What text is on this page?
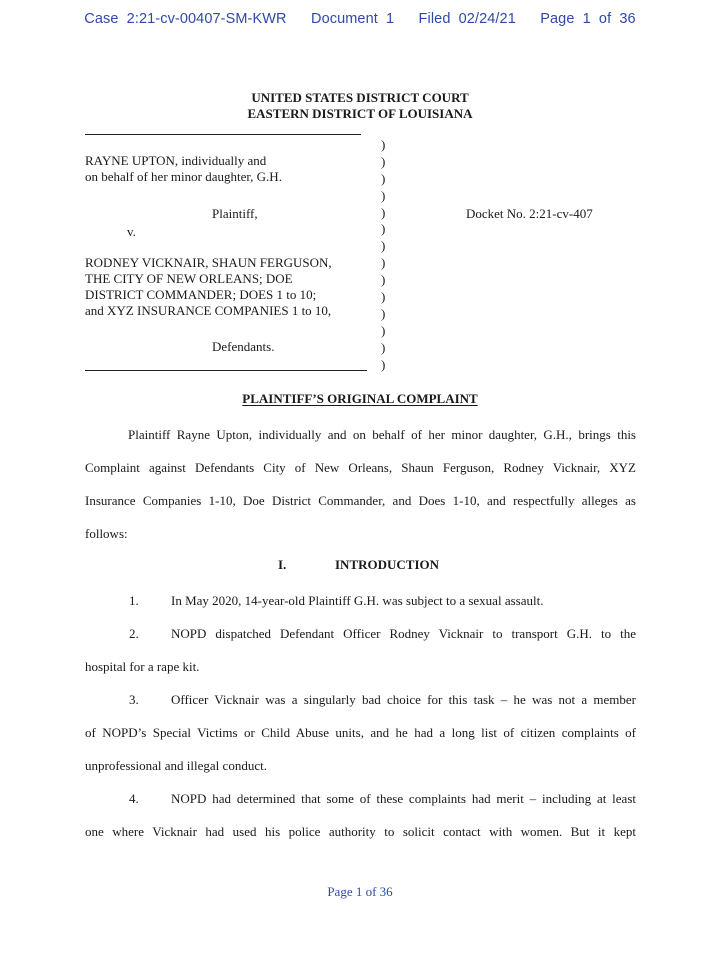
Case 2:21-cv-00407-SM-KWR   Document 1   Filed 02/24/21   Page 1 of 36
UNITED STATES DISTRICT COURT
EASTERN DISTRICT OF LOUISIANA
RAYNE UPTON, individually and
on behalf of her minor daughter, G.H.
Plaintiff,
v.
RODNEY VICKNAIR, SHAUN FERGUSON,
THE CITY OF NEW ORLEANS; DOE
DISTRICT COMMANDER; DOES 1 to 10;
and XYZ INSURANCE COMPANIES 1 to 10,
Defendants.
)
)
)
)
)
)
)
)
)
)
)
)
)
)
Docket No. 2:21-cv-407
PLAINTIFF’S ORIGINAL COMPLAINT
Plaintiff Rayne Upton, individually and on behalf of her minor daughter, G.H., brings this
Complaint against Defendants City of New Orleans, Shaun Ferguson, Rodney Vicknair, XYZ
Insurance Companies 1-10, Doe District Commander, and Does 1-10, and respectfully alleges as
follows:
I.	INTRODUCTION
1. In May 2020, 14-year-old Plaintiff G.H. was subject to a sexual assault.
2. NOPD dispatched Defendant Officer Rodney Vicknair to transport G.H. to the
hospital for a rape kit.
3. Officer Vicknair was a singularly bad choice for this task – he was not a member
of NOPD’s Special Victims or Child Abuse units, and he had a long list of citizen complaints of
unprofessional and illegal conduct.
4. NOPD had determined that some of these complaints had merit – including at least
one where Vicknair had used his police authority to solicit contact with women. But it kept
Page 1 of 36
